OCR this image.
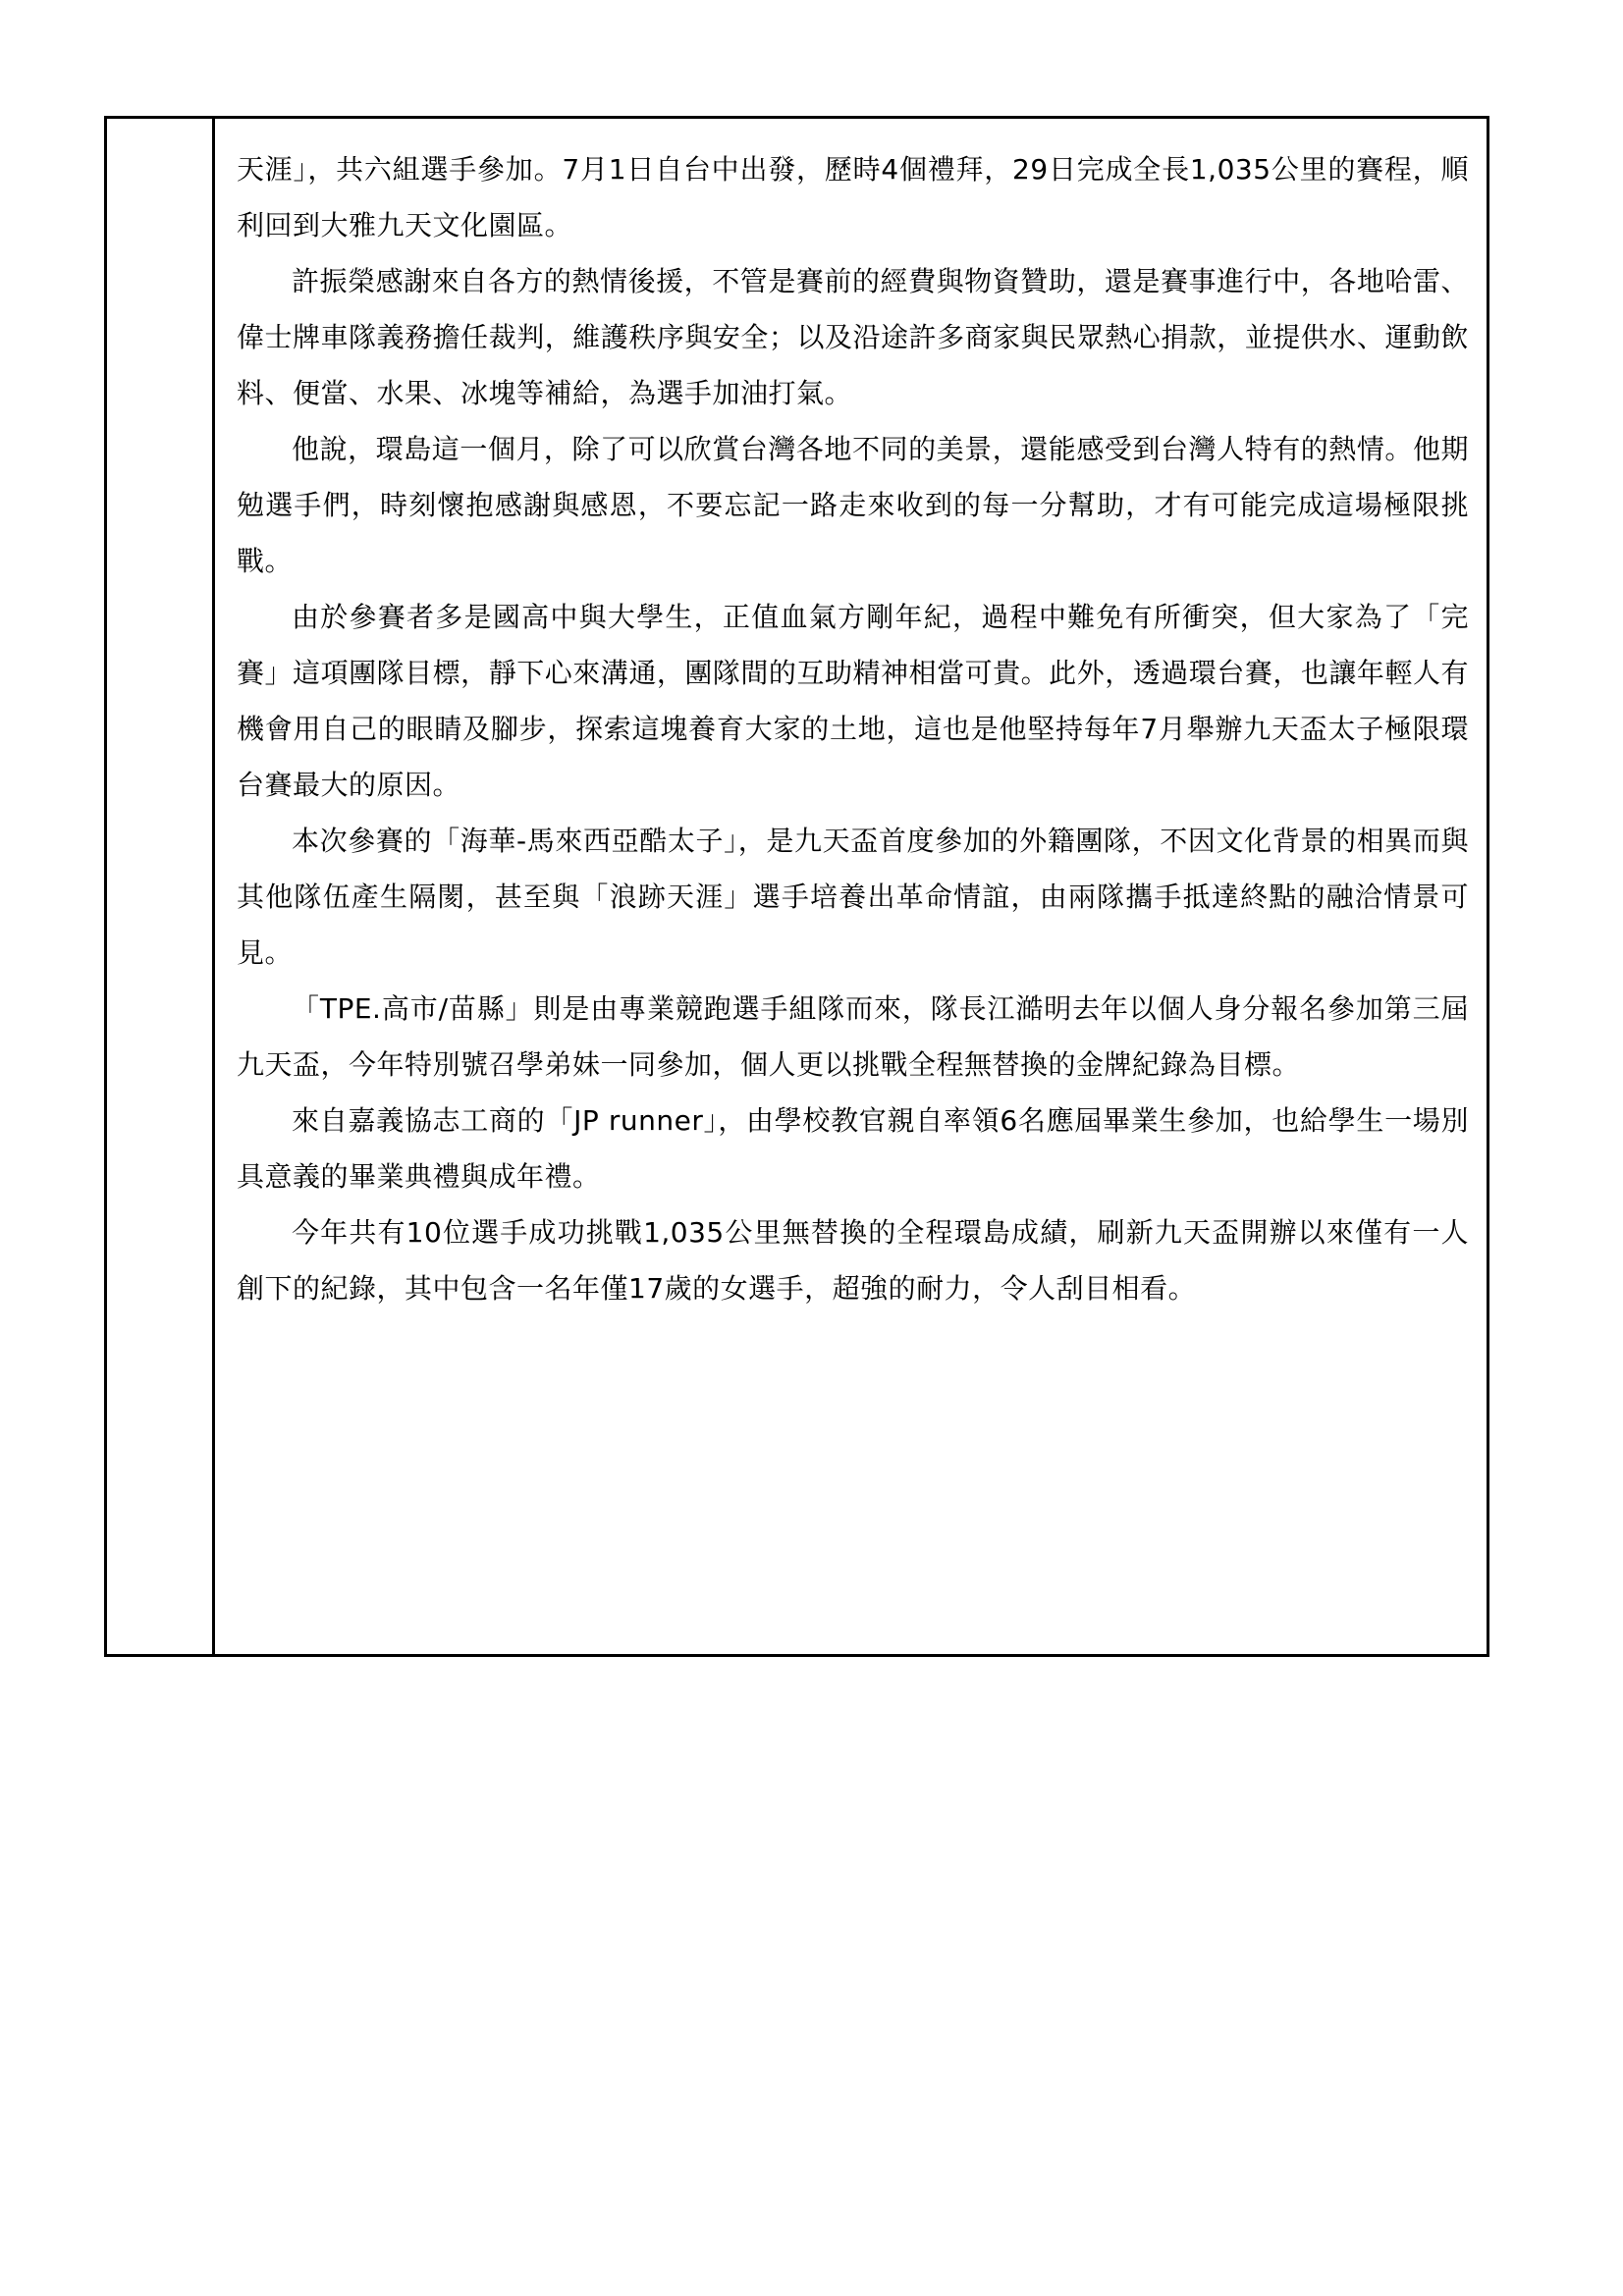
天涯」，共六組選手參加。7月1日自台中出發，歷時4個禮拜，29日完成全長1,035公里的賽程，順利回到大雅九天文化園區。

許振榮感謝來自各方的熱情後援，不管是賽前的經費與物資贊助，還是賽事進行中，各地哈雷、偉士牌車隊義務擔任裁判，維護秩序與安全；以及沿途許多商家與民眾熱心捐款，並提供水、運動飲料、便當、水果、冰塊等補給，為選手加油打氣。

他說，環島這一個月，除了可以欣賞台灣各地不同的美景，還能感受到台灣人特有的熱情。他期勉選手們，時刻懷抱感謝與感恩，不要忘記一路走來收到的每一分幫助，才有可能完成這場極限挑戰。

由於參賽者多是國高中與大學生，正值血氣方剛年紀，過程中難免有所衝突，但大家為了「完賽」這項團隊目標，靜下心來溝通，團隊間的互助精神相當可貴。此外，透過環台賽，也讓年輕人有機會用自己的眼睛及腳步，探索這塊養育大家的土地，這也是他堅持每年7月舉辦九天盃太子極限環台賽最大的原因。

本次參賽的「海華-馬來西亞酷太子」，是九天盃首度參加的外籍團隊，不因文化背景的相異而與其他隊伍產生隔閡，甚至與「浪跡天涯」選手培養出革命情誼，由兩隊攜手抵達終點的融洽情景可見。

「TPE.高市/苗縣」則是由專業競跑選手組隊而來，隊長江澔明去年以個人身分報名參加第三屆九天盃，今年特別號召學弟妹一同參加，個人更以挑戰全程無替換的金牌紀錄為目標。

來自嘉義協志工商的「JP runner」，由學校教官親自率領6名應屆畢業生參加，也給學生一場別具意義的畢業典禮與成年禮。

今年共有10位選手成功挑戰1,035公里無替換的全程環島成績，刷新九天盃開辦以來僅有一人創下的紀錄，其中包含一名年僅17歲的女選手，超強的耐力，令人刮目相看。
